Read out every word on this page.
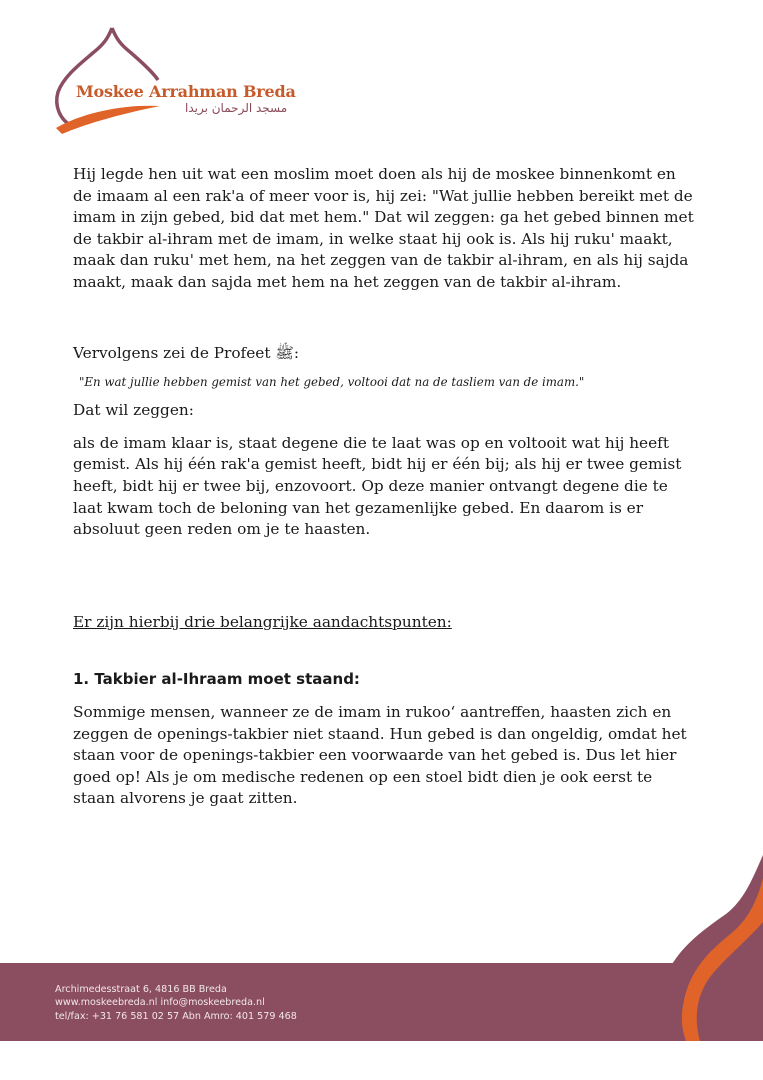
Moskee Arrahman Breda
مسجد الرحمان بريدا

Hij legde hen uit wat een moslim moet doen als hij de moskee binnenkomt en de imaam al een rak'a of meer voor is, hij zei: "Wat jullie hebben bereikt met de imam in zijn gebed, bid dat met hem." Dat wil zeggen: ga het gebed binnen met de takbir al-ihram met de imam, in welke staat hij ook is. Als hij ruku' maakt, maak dan ruku' met hem, na het zeggen van de takbir al-ihram, en als hij sajda maakt, maak dan sajda met hem na het zeggen van de takbir al-ihram.

Vervolgens zei de Profeet ﷺ:

"En wat jullie hebben gemist van het gebed, voltooi dat na de tasliem van de imam."

Dat wil zeggen:

als de imam klaar is, staat degene die te laat was op en voltooit wat hij heeft gemist. Als hij één rak'a gemist heeft, bidt hij er één bij; als hij er twee gemist heeft, bidt hij er twee bij, enzovoort. Op deze manier ontvangt degene die te laat kwam toch de beloning van het gezamenlijke gebed. En daarom is er absoluut geen reden om je te haasten.

Er zijn hierbij drie belangrijke aandachtspunten:

1. Takbier al-Ihraam moet staand:

Sommige mensen, wanneer ze de imam in rukoo‘ aantreffen, haasten zich en zeggen de openings-takbier niet staand. Hun gebed is dan ongeldig, omdat het staan voor de openings-takbier een voorwaarde van het gebed is. Dus let hier goed op! Als je om medische redenen op een stoel bidt dien je ook eerst te staan alvorens je gaat zitten.

Archimedesstraat 6, 4816 BB Breda
www.moskeebreda.nl info@moskeebreda.nl
tel/fax: +31 76 581 02 57 Abn Amro: 401 579 468
